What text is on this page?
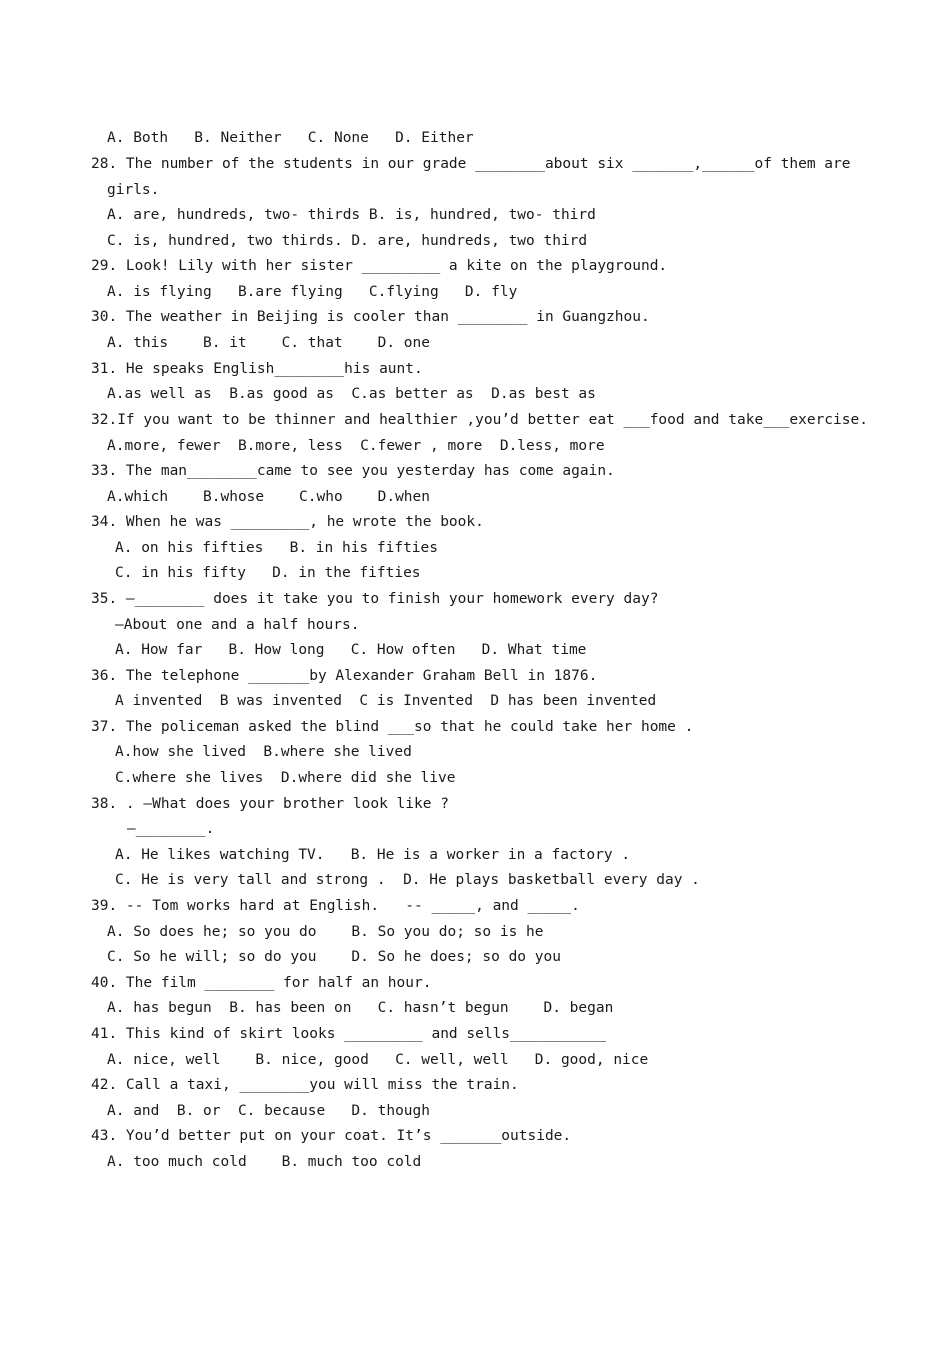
A. Both   B. Neither   C. None   D. Either
28. The number of the students in our grade ________about six _______,______of them are
girls.
A. are, hundreds, two- thirds B. is, hundred, two- third
C. is, hundred, two thirds. D. are, hundreds, two third
29. Look! Lily with her sister _________ a kite on the playground.
A. is flying   B.are flying   C.flying   D. fly
30. The weather in Beijing is cooler than ________ in Guangzhou.
A. this    B. it    C. that    D. one
31. He speaks English________his aunt.
A.as well as  B.as good as  C.as better as  D.as best as
32.If you want to be thinner and healthier ,you’d better eat ___food and take___exercise.
A.more, fewer  B.more, less  C.fewer , more  D.less, more
33. The man________came to see you yesterday has come again.
A.which    B.whose    C.who    D.when
34. When he was _________, he wrote the book.
A. on his fifties   B. in his fifties
C. in his fifty   D. in the fifties
35. —________ does it take you to finish your homework every day?
—About one and a half hours.
A. How far   B. How long   C. How often   D. What time
36. The telephone _______by Alexander Graham Bell in 1876.
A invented  B was invented  C is Invented  D has been invented
37. The policeman asked the blind ___so that he could take her home .
A.how she lived  B.where she lived
C.where she lives  D.where did she live
38. . –What does your brother look like ?
–________.
A. He likes watching TV.   B. He is a worker in a factory .
C. He is very tall and strong .  D. He plays basketball every day .
39. -- Tom works hard at English.   -- _____, and _____.
A. So does he; so you do    B. So you do; so is he
C. So he will; so do you    D. So he does; so do you
40. The film ________ for half an hour.
A. has begun  B. has been on   C. hasn’t begun    D. began
41. This kind of skirt looks _________ and sells___________
A. nice, well    B. nice, good   C. well, well   D. good, nice
42. Call a taxi, ________you will miss the train.
A. and  B. or  C. because   D. though
43. You’d better put on your coat. It’s _______outside.
A. too much cold    B. much too cold
